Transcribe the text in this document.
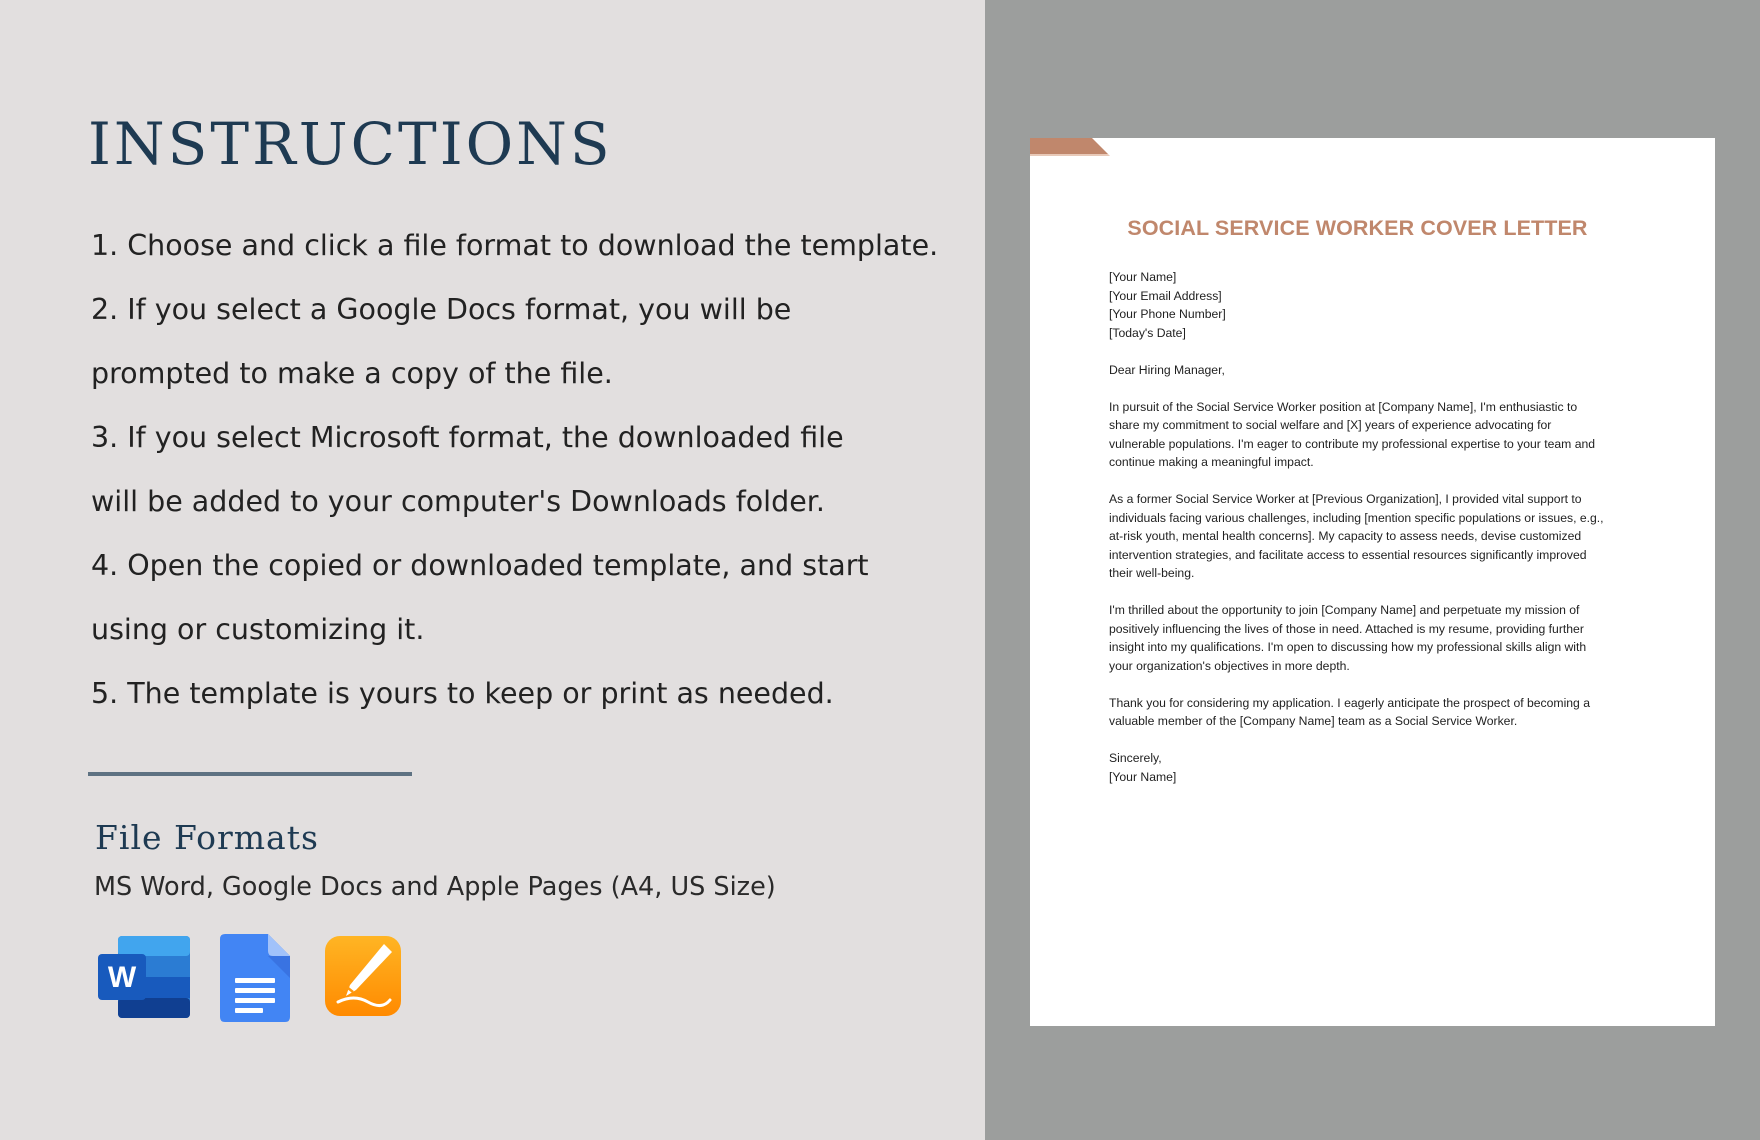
INSTRUCTIONS
1. Choose and click a file format to download the template.
2. If you select a Google Docs format, you will be
prompted to make a copy of the file.
3. If you select Microsoft format, the downloaded file
will be added to your computer's Downloads folder.
4. Open the copied or downloaded template, and start
using or customizing it.
5. The template is yours to keep or print as needed.
File Formats
MS Word, Google Docs and Apple Pages (A4, US Size)
W
SOCIAL SERVICE WORKER COVER LETTER
[Your Name]
[Your Email Address]
[Your Phone Number]
[Today's Date]
Dear Hiring Manager,
In pursuit of the Social Service Worker position at [Company Name], I'm enthusiastic to
share my commitment to social welfare and [X] years of experience advocating for
vulnerable populations. I'm eager to contribute my professional expertise to your team and
continue making a meaningful impact.
As a former Social Service Worker at [Previous Organization], I provided vital support to
individuals facing various challenges, including [mention specific populations or issues, e.g.,
at-risk youth, mental health concerns]. My capacity to assess needs, devise customized
intervention strategies, and facilitate access to essential resources significantly improved
their well-being.
I'm thrilled about the opportunity to join [Company Name] and perpetuate my mission of
positively influencing the lives of those in need. Attached is my resume, providing further
insight into my qualifications. I'm open to discussing how my professional skills align with
your organization's objectives in more depth.
Thank you for considering my application. I eagerly anticipate the prospect of becoming a
valuable member of the [Company Name] team as a Social Service Worker.
Sincerely,
[Your Name]
